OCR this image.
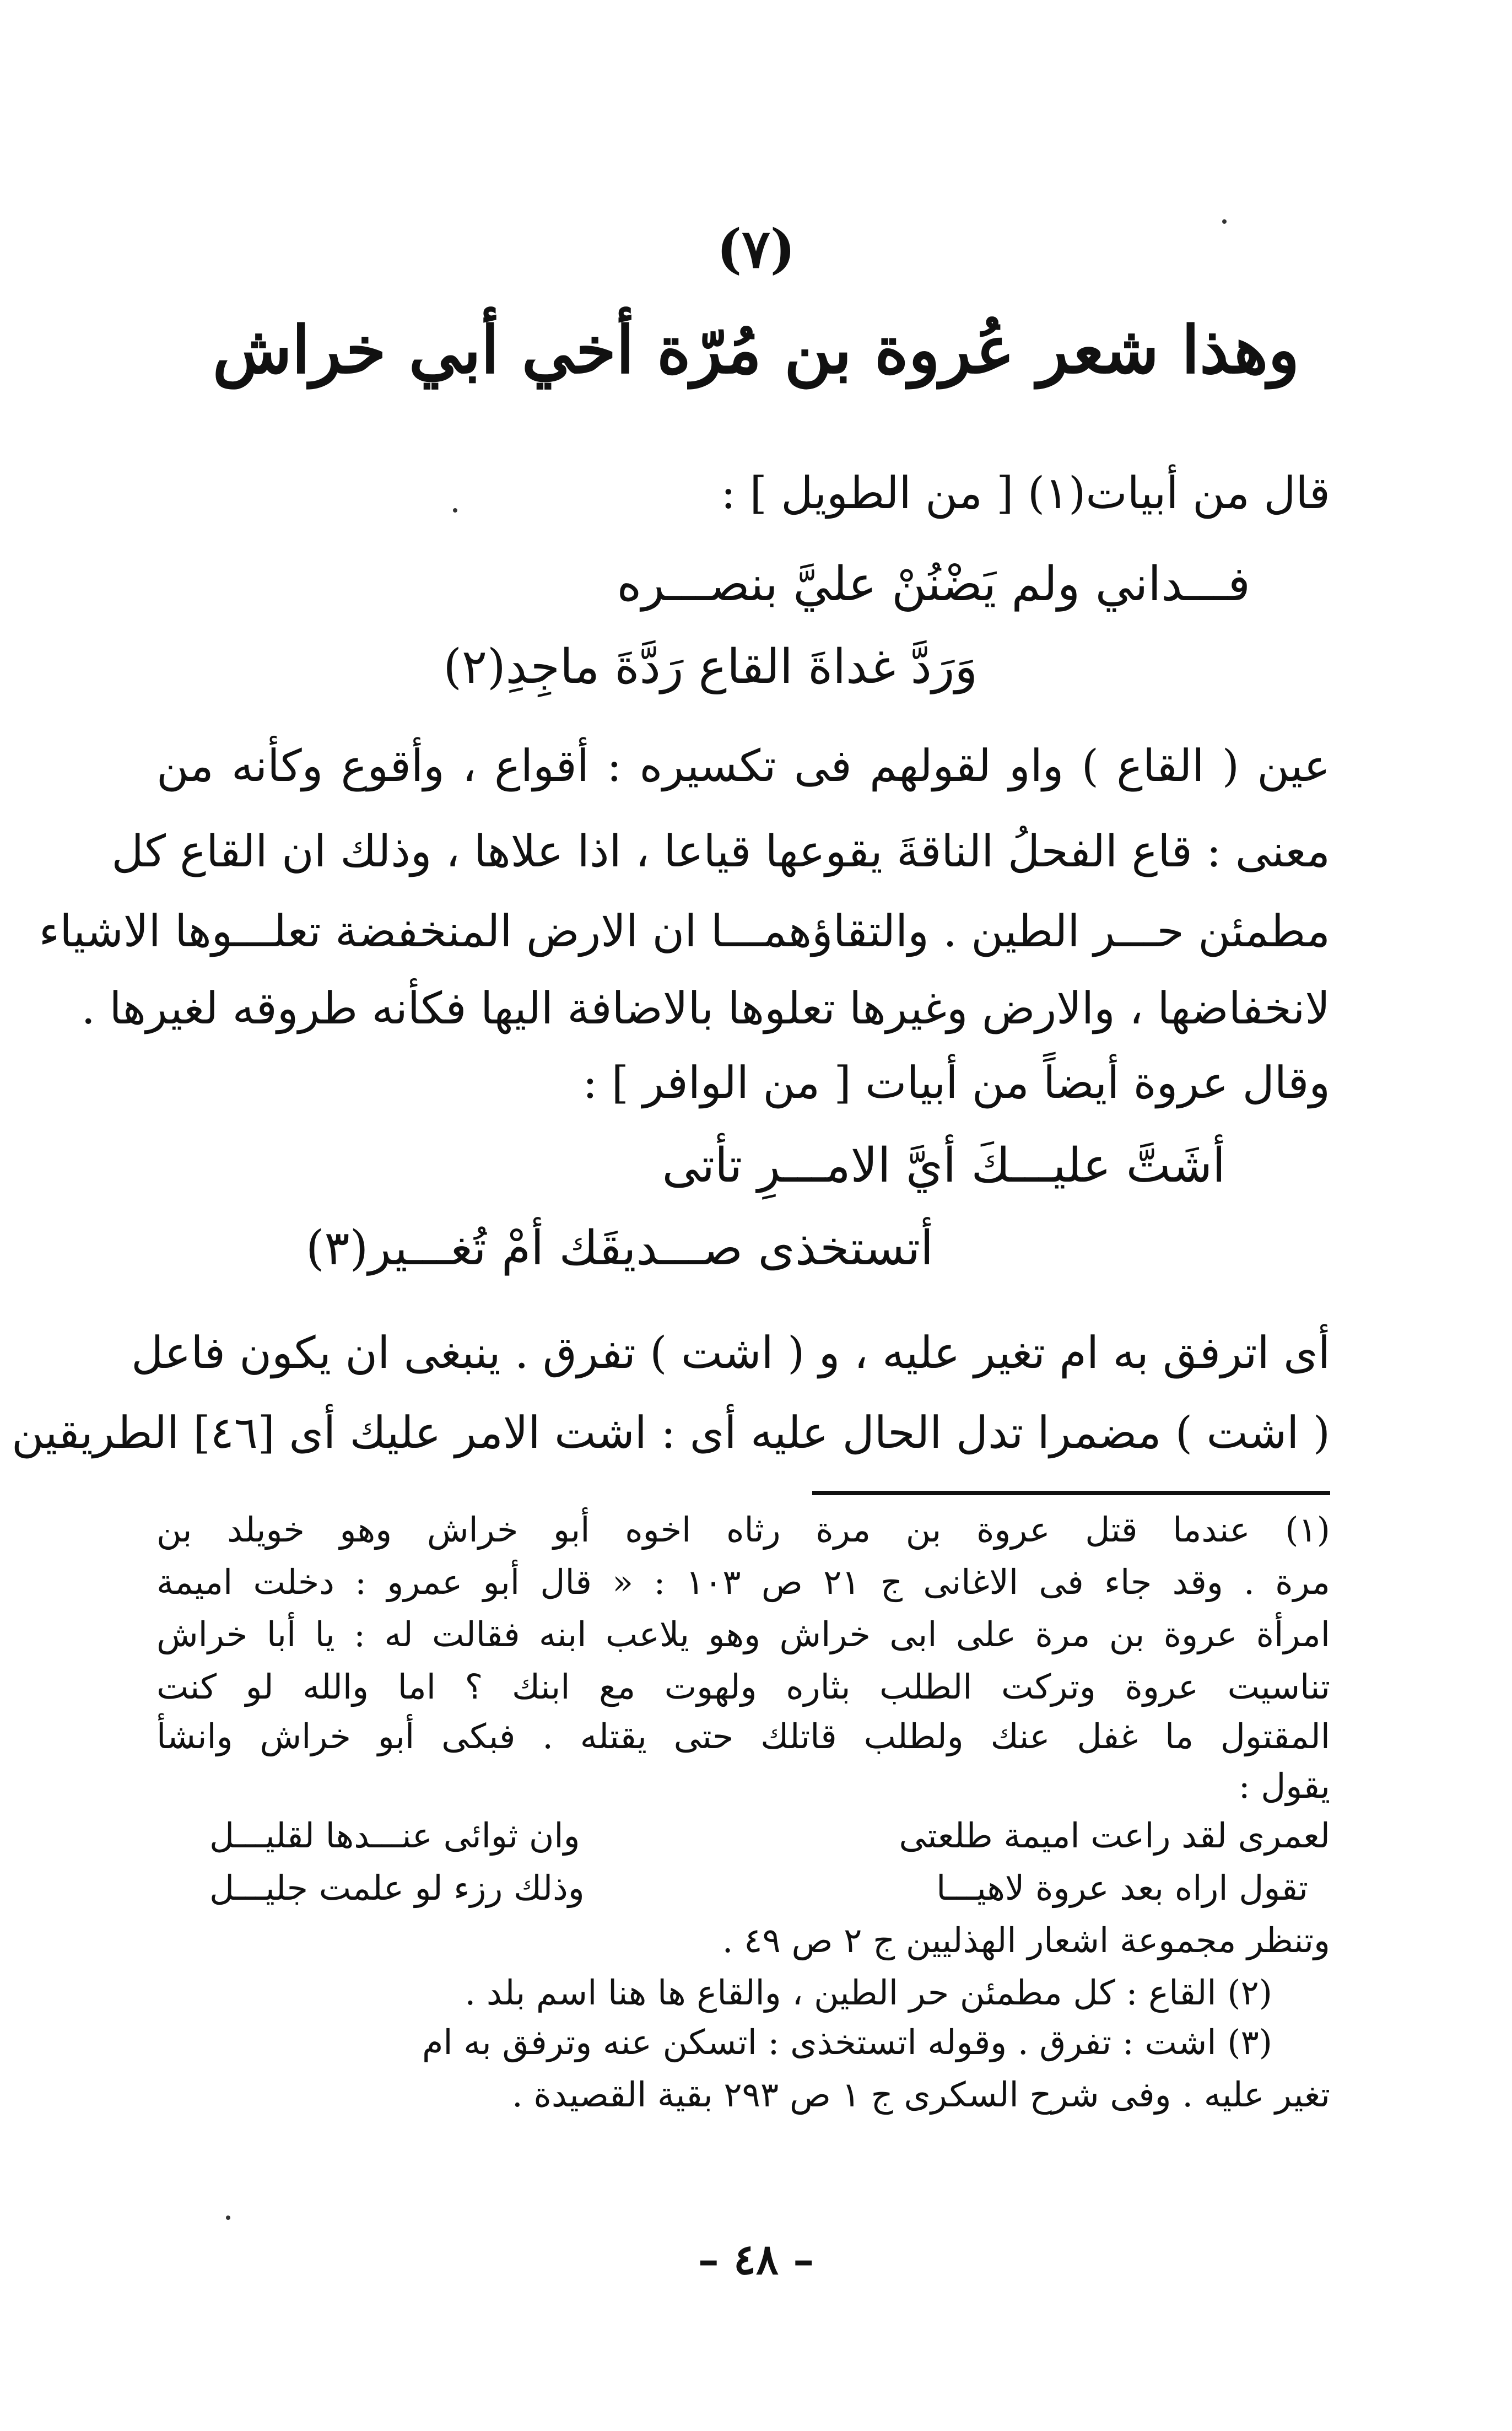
(٧)
وهذا شعر عُروة بن مُرّة أخي أبي خراش
قال من أبيات(١) [ من الطويل ] :
فـــداني ولم يَضْنُنْ عليَّ بنصـــره
وَرَدَّ غداةَ القاع رَدَّةَ ماجِدِ(٢)
عين ( القاع ) واو لقولهم فى تكسيره : أقواع ، وأقوع وكأنه من
معنى : قاع الفحلُ الناقةَ يقوعها قياعا ، اذا علاها ، وذلك ان القاع كل
مطمئن حـــر الطين . والتقاؤهمـــا ان الارض المنخفضة تعلـــوها الاشياء
لانخفاضها ، والارض وغيرها تعلوها بالاضافة اليها فكأنه طروقه لغيرها .
وقال عروة أيضاً من أبيات [ من الوافر ] :
أشَتَّ عليـــكَ أيَّ الامـــرِ تأتى
أتستخذى صـــديقَك أمْ تُغـــير(٣)
أى اترفق به ام تغير عليه ، و ( اشت ) تفرق . ينبغى ان يكون فاعل
( اشت ) مضمرا تدل الحال عليه أى : اشت الامر عليك أى [٤٦] الطريقين
(١) عندما قتل عروة بن مرة رثاه اخوه أبو خراش وهو خويلد بن
مرة . وقد جاء فى الاغانى ج ٢١ ص ١٠٣ : « قال أبو عمرو : دخلت اميمة
امرأة عروة بن مرة على ابى خراش وهو يلاعب ابنه فقالت له : يا أبا خراش
تناسيت عروة وتركت الطلب بثاره ولهوت مع ابنك ؟ اما والله لو كنت
المقتول ما غفل عنك ولطلب قاتلك حتى يقتله . فبكى أبو خراش وانشأ
يقول :
لعمرى لقد راعت اميمة طلعتى
وان ثوائى عنـــدها لقليـــل
تقول اراه بعد عروة لاهيـــا
وذلك رزء لو علمت جليـــل
وتنظر مجموعة اشعار الهذليين ج ٢ ص ٤٩ .
(٢) القاع : كل مطمئن حر الطين ، والقاع ها هنا اسم بلد .
(٣) اشت : تفرق . وقوله اتستخذى : اتسكن عنه وترفق به ام
تغير عليه . وفى شرح السكرى ج ١ ص ٢٩٣ بقية القصيدة .
– ٤٨ –
